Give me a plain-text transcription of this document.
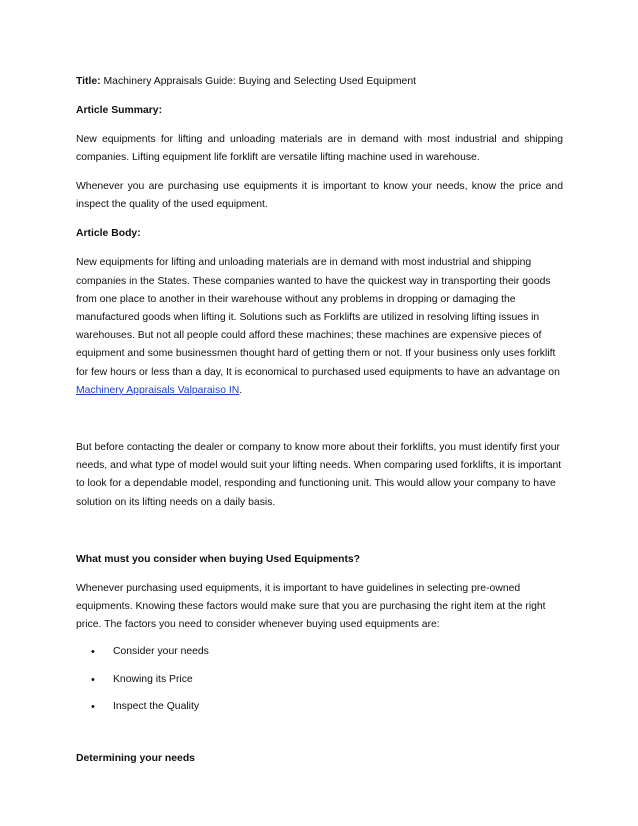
Title: Machinery Appraisals Guide: Buying and Selecting Used Equipment

Article Summary:

New equipments for lifting and unloading materials are in demand with most industrial and shipping companies. Lifting equipment life forklift are versatile lifting machine used in warehouse.

Whenever you are purchasing use equipments it is important to know your needs, know the price and inspect the quality of the used equipment.

Article Body:

New equipments for lifting and unloading materials are in demand with most industrial and shipping companies in the States. These companies wanted to have the quickest way in transporting their goods from one place to another in their warehouse without any problems in dropping or damaging the manufactured goods when lifting it. Solutions such as Forklifts are utilized in resolving lifting issues in warehouses. But not all people could afford these machines; these machines are expensive pieces of equipment and some businessmen thought hard of getting them or not. If your business only uses forklift for few hours or less than a day, It is economical to purchased used equipments to have an advantage on Machinery Appraisals Valparaiso IN.

But before contacting the dealer or company to know more about their forklifts, you must identify first your needs, and what type of model would suit your lifting needs. When comparing used forklifts, it is important to look for a dependable model, responding and functioning unit. This would allow your company to have solution on its lifting needs on a daily basis.

What must you consider when buying Used Equipments?

Whenever purchasing used equipments, it is important to have guidelines in selecting pre-owned equipments. Knowing these factors would make sure that you are purchasing the right item at the right price. The factors you need to consider whenever buying used equipments are:

• Consider your needs
• Knowing its Price
• Inspect the Quality

Determining your needs
